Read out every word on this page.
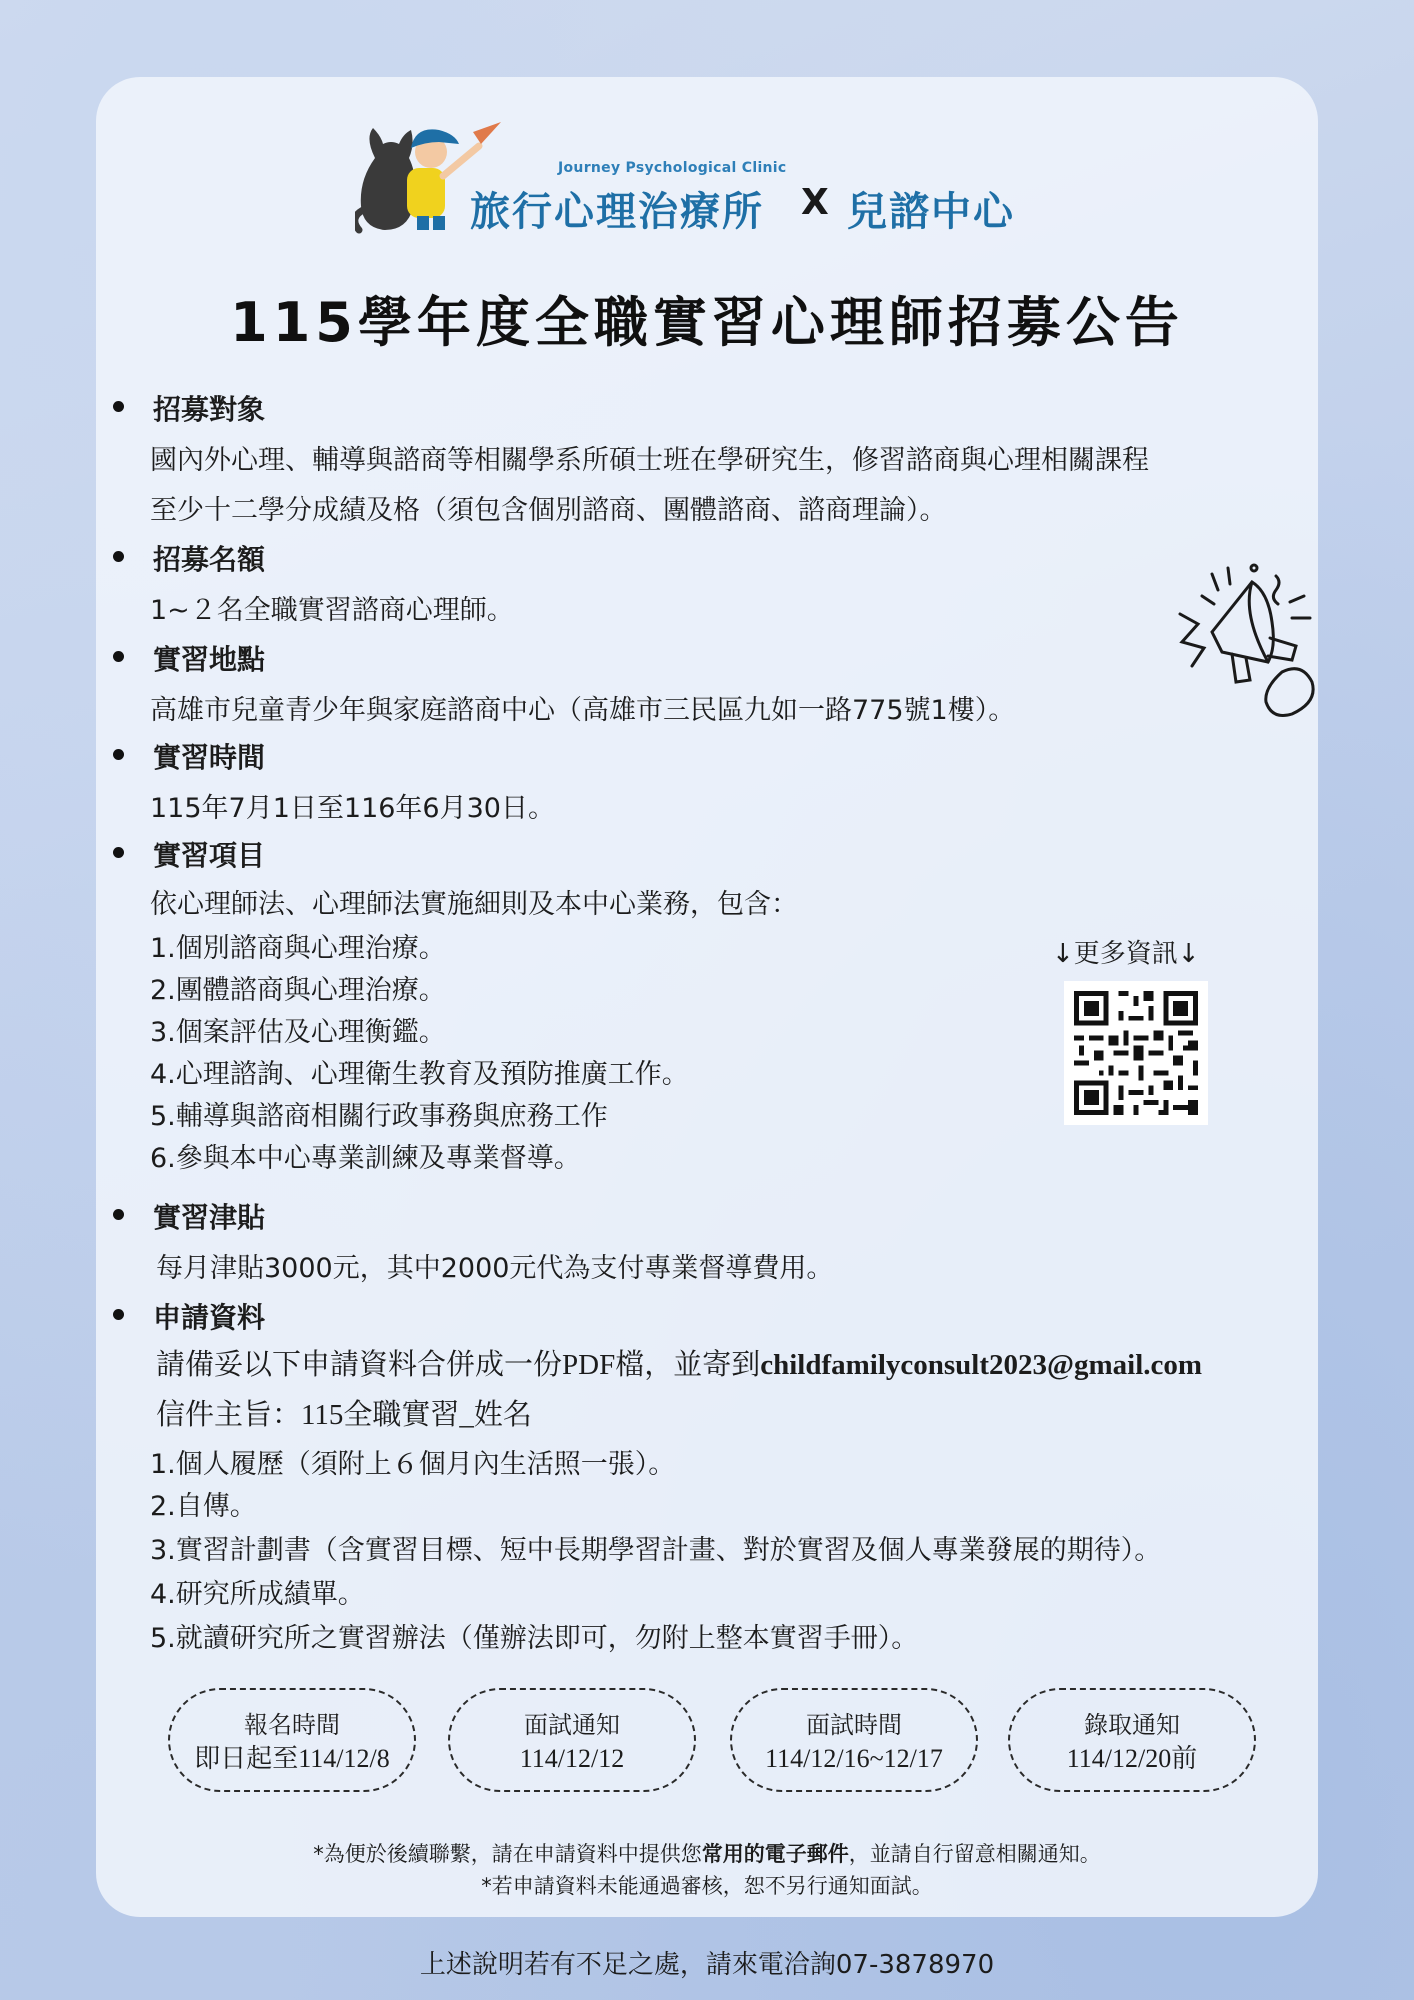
Journey Psychological Clinic
旅行心理治療所 X 兒諮中心
115學年度全職實習心理師招募公告
招募對象
國內外心理、輔導與諮商等相關學系所碩士班在學研究生，修習諮商與心理相關課程
至少十二學分成績及格（須包含個別諮商、團體諮商、諮商理論）。
招募名額
1~２名全職實習諮商心理師。
實習地點
高雄市兒童青少年與家庭諮商中心（高雄市三民區九如一路775號1樓）。
實習時間
115年7月1日至116年6月30日。
實習項目
依心理師法、心理師法實施細則及本中心業務，包含：
1.個別諮商與心理治療。
2.團體諮商與心理治療。
3.個案評估及心理衡鑑。
4.心理諮詢、心理衛生教育及預防推廣工作。
5.輔導與諮商相關行政事務與庶務工作
6.參與本中心專業訓練及專業督導。
實習津貼
每月津貼3000元，其中2000元代為支付專業督導費用。
申請資料
請備妥以下申請資料合併成一份PDF檔，並寄到childfamilyconsult2023@gmail.com
信件主旨：115全職實習_姓名
1.個人履歷（須附上６個月內生活照一張）。
2.自傳。
3.實習計劃書（含實習目標、短中長期學習計畫、對於實習及個人專業發展的期待）。
4.研究所成績單。
5.就讀研究所之實習辦法（僅辦法即可，勿附上整本實習手冊）。
↓更多資訊↓
報名時間
即日起至114/12/8
面試通知
114/12/12
面試時間
114/12/16~12/17
錄取通知
114/12/20前
*為便於後續聯繫，請在申請資料中提供您常用的電子郵件，並請自行留意相關通知。
*若申請資料未能通過審核，恕不另行通知面試。
上述說明若有不足之處，請來電洽詢07-3878970
